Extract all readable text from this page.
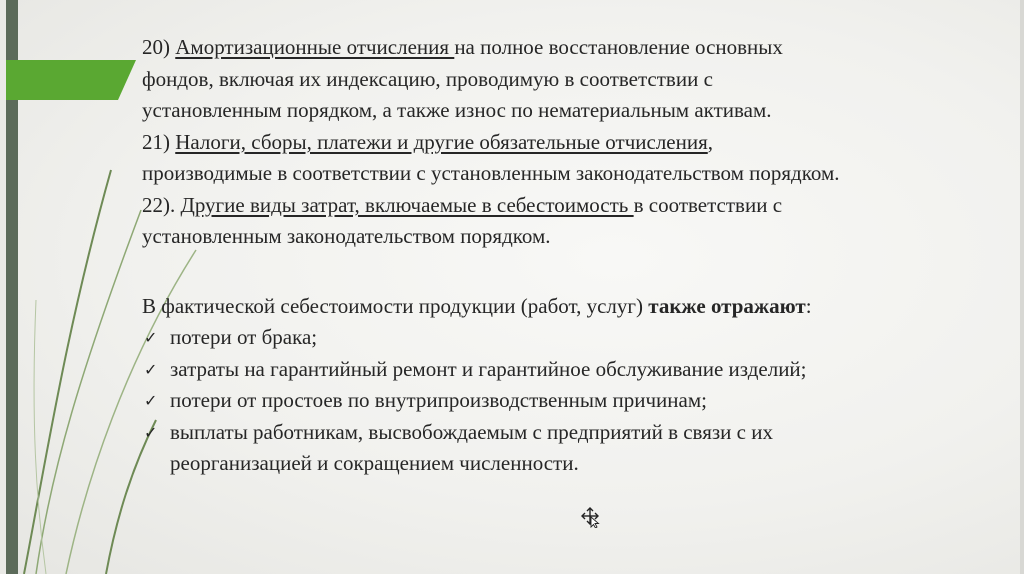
20) Амортизационные отчисления на полное восстановление основных
фондов, включая их индексацию, проводимую в соответствии с
установленным порядком, а также износ по нематериальным активам.
21) Налоги, сборы, платежи и другие обязательные отчисления,
производимые в соответствии с установленным законодательством порядком.
22). Другие виды затрат, включаемые в себестоимость в соответствии с
установленным законодательством порядком.
В фактической себестоимости продукции (работ, услуг) также отражают:
✓ потери от брака;
✓ затраты на гарантийный ремонт и гарантийное обслуживание изделий;
✓ потери от простоев по внутрипроизводственным причинам;
✓ выплаты работникам, высвобождаемым с предприятий в связи с их
реорганизацией и сокращением численности.
